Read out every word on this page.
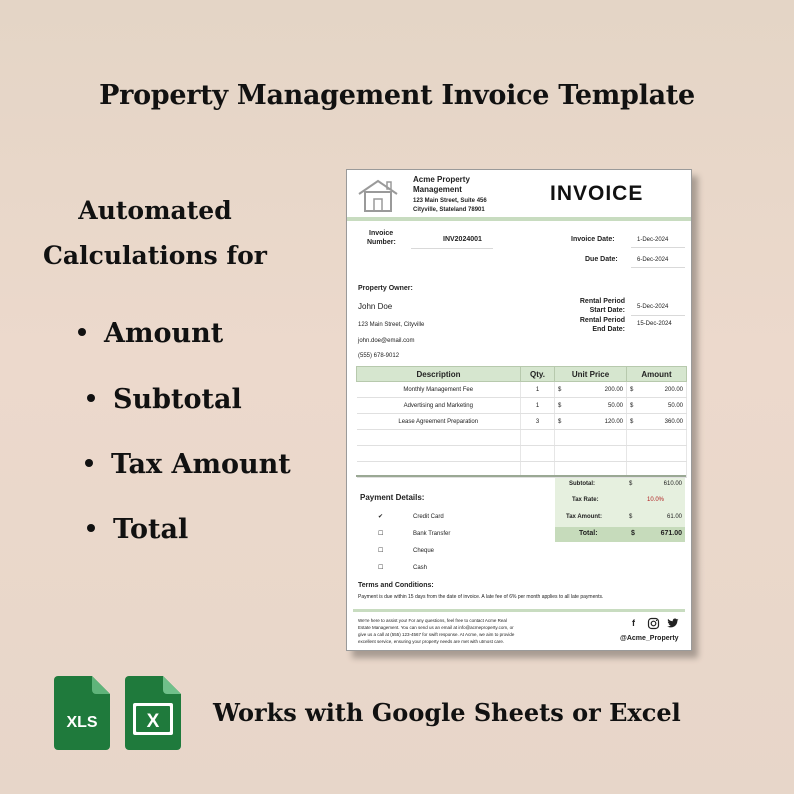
Property Management Invoice Template
Automated
Calculations for
Amount
Subtotal
Tax Amount
Total
Acme Property
Management
123 Main Street, Suite 456
Cityville, Stateland 78901
INVOICE
Invoice
Number:	INV2024001	Invoice Date:	1-Dec-2024
Due Date:	6-Dec-2024
Property Owner:
John Doe
123 Main Street, Cityville
john.doe@email.com
(555) 678-9012
Rental Period
Start Date: 5-Dec-2024
Rental Period
End Date:
15-Dec-2024
Description	Qty.	Unit Price	Amount
Monthly Management Fee	1	$ 200.00	$ 200.00

Advertising and Marketing	1	$ 50.00	$ 50.00

Lease Agreement Preparation	3	$ 120.00	$ 360.00

Subtotal:	$	610.00
Tax Rate:	10.0%
Tax Amount:	$	61.00
Total:	$	671.00
Payment Details:
✔	Credit Card
☐	Bank Transfer
☐	Cheque
☐	Cash
Terms and Conditions:
Payment is due within 15 days from the date of invoice. A late fee of 6% per month applies to all late payments.
We're here to assist you! For any questions, feel free to contact Acme Real
Estate Management. You can send us an email at info@acmeproperty.com, or
give us a call at (555) 123-4567 for swift response. At Acme, we aim to provide
excellent service, ensuring your property needs are met with utmost care.
f
@Acme_Property
XLS	X Works with Google Sheets or Excel
